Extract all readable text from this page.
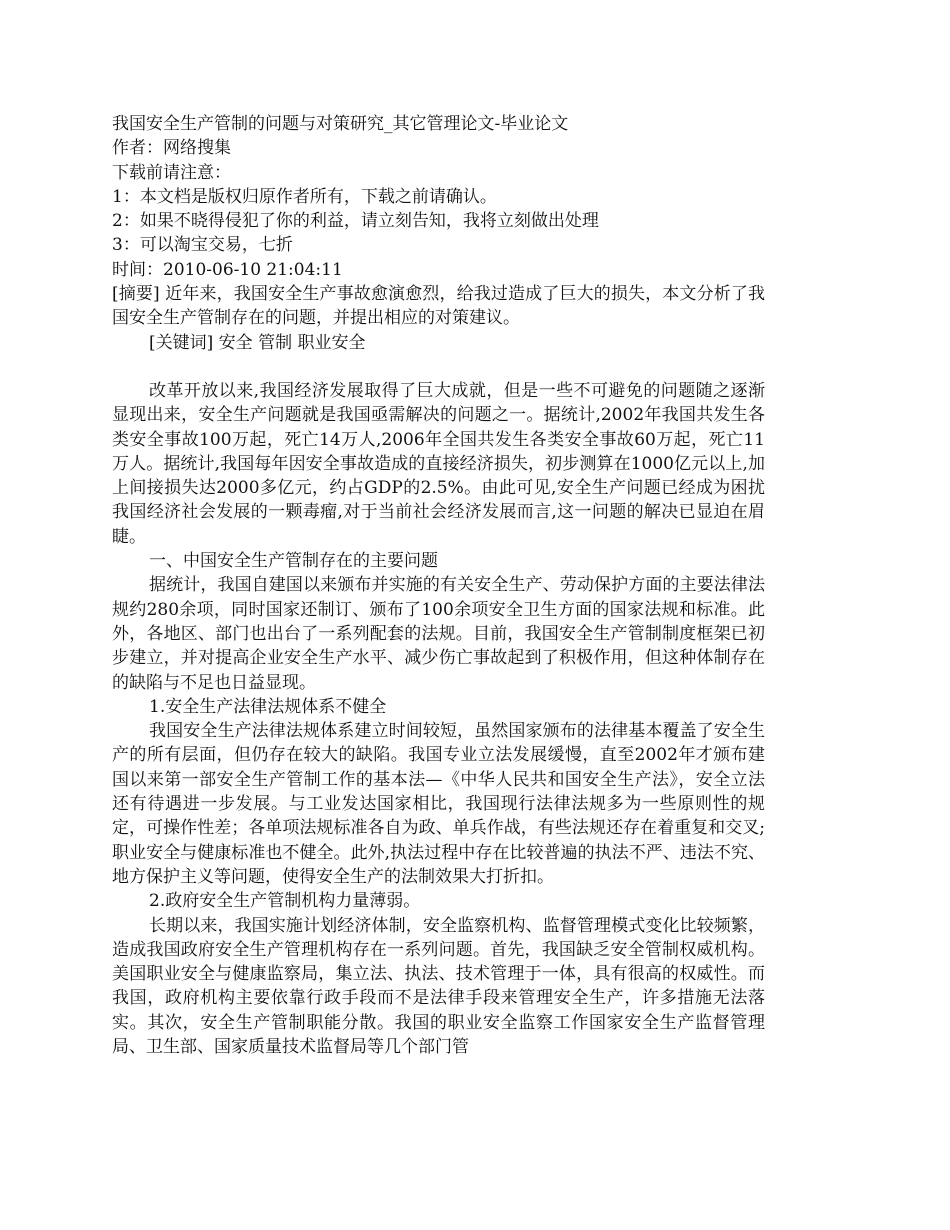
我国安全生产管制的问题与对策研究_其它管理论文-毕业论文
作者：网络搜集
下载前请注意：
1：本文档是版权归原作者所有，下载之前请确认。
2：如果不晓得侵犯了你的利益，请立刻告知，我将立刻做出处理
3：可以淘宝交易，七折
时间：2010-06-10 21:04:11

[摘要] 近年来，我国安全生产事故愈演愈烈，给我过造成了巨大的损失，本文分析了我国安全生产管制存在的问题，并提出相应的对策建议。

[关键词] 安全 管制 职业安全

改革开放以来,我国经济发展取得了巨大成就，但是一些不可避免的问题随之逐渐显现出来，安全生产问题就是我国亟需解决的问题之一。据统计,2002年我国共发生各类安全事故100万起，死亡14万人,2006年全国共发生各类安全事故60万起，死亡11万人。据统计,我国每年因安全事故造成的直接经济损失，初步测算在1000亿元以上,加上间接损失达2000多亿元，约占GDP的2.5%。由此可见,安全生产问题已经成为困扰我国经济社会发展的一颗毒瘤,对于当前社会经济发展而言,这一问题的解决已显迫在眉睫。

一、中国安全生产管制存在的主要问题

据统计，我国自建国以来颁布并实施的有关安全生产、劳动保护方面的主要法律法规约280余项，同时国家还制订、颁布了100余项安全卫生方面的国家法规和标准。此外，各地区、部门也出台了一系列配套的法规。目前，我国安全生产管制制度框架已初步建立，并对提高企业安全生产水平、减少伤亡事故起到了积极作用，但这种体制存在的缺陷与不足也日益显现。

1.安全生产法律法规体系不健全

我国安全生产法律法规体系建立时间较短，虽然国家颁布的法律基本覆盖了安全生产的所有层面，但仍存在较大的缺陷。我国专业立法发展缓慢，直至2002年才颁布建国以来第一部安全生产管制工作的基本法—《中华人民共和国安全生产法》，安全立法还有待遇进一步发展。与工业发达国家相比，我国现行法律法规多为一些原则性的规定，可操作性差；各单项法规标准各自为政、单兵作战，有些法规还存在着重复和交叉;职业安全与健康标准也不健全。此外,执法过程中存在比较普遍的执法不严、违法不究、地方保护主义等问题，使得安全生产的法制效果大打折扣。

2.政府安全生产管制机构力量薄弱。

长期以来，我国实施计划经济体制，安全监察机构、监督管理模式变化比较频繁，造成我国政府安全生产管理机构存在一系列问题。首先，我国缺乏安全管制权威机构。美国职业安全与健康监察局，集立法、执法、技术管理于一体，具有很高的权威性。而我国，政府机构主要依靠行政手段而不是法律手段来管理安全生产，许多措施无法落实。其次，安全生产管制职能分散。我国的职业安全监察工作国家安全生产监督管理局、卫生部、国家质量技术监督局等几个部门管
